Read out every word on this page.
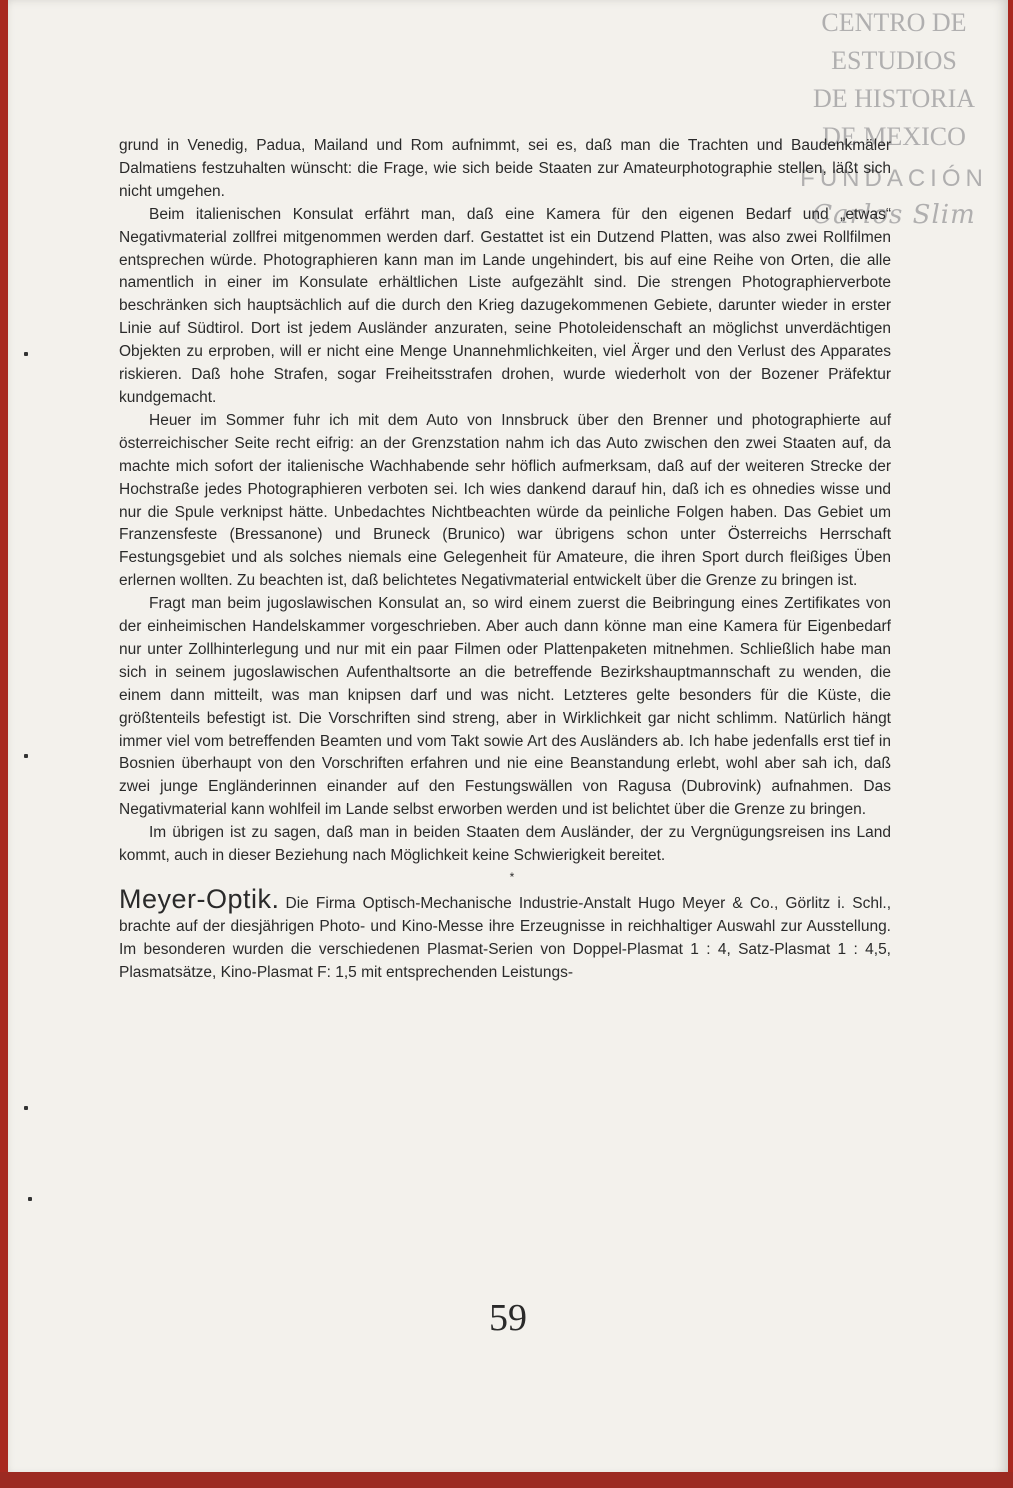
CENTRO DE
ESTUDIOS
DE HISTORIA
DE MEXICO
FUNDACIÓN
Carlos Slim

grund in Venedig, Padua, Mailand und Rom aufnimmt, sei es, daß man die Trachten und Baudenkmäler Dalmatiens festzuhalten wünscht: die Frage, wie sich beide Staaten zur Amateurphotographie stellen, läßt sich nicht umgehen.

Beim italienischen Konsulat erfährt man, daß eine Kamera für den eigenen Bedarf und „etwas“ Negativmaterial zollfrei mitgenommen werden darf. Gestattet ist ein Dutzend Platten, was also zwei Rollfilmen entsprechen würde. Photographieren kann man im Lande ungehindert, bis auf eine Reihe von Orten, die alle namentlich in einer im Konsulate erhältlichen Liste aufgezählt sind. Die strengen Photographierverbote beschränken sich hauptsächlich auf die durch den Krieg dazugekommenen Gebiete, darunter wieder in erster Linie auf Südtirol. Dort ist jedem Ausländer anzuraten, seine Photoleidenschaft an möglichst unverdächtigen Objekten zu erproben, will er nicht eine Menge Unannehmlichkeiten, viel Ärger und den Verlust des Apparates riskieren. Daß hohe Strafen, sogar Freiheitsstrafen drohen, wurde wiederholt von der Bozener Präfektur kundgemacht.

Heuer im Sommer fuhr ich mit dem Auto von Innsbruck über den Brenner und photographierte auf österreichischer Seite recht eifrig: an der Grenzstation nahm ich das Auto zwischen den zwei Staaten auf, da machte mich sofort der italienische Wachhabende sehr höflich aufmerksam, daß auf der weiteren Strecke der Hochstraße jedes Photographieren verboten sei. Ich wies dankend darauf hin, daß ich es ohnedies wisse und nur die Spule verknipst hätte. Unbedachtes Nichtbeachten würde da peinliche Folgen haben. Das Gebiet um Franzensfeste (Bressanone) und Bruneck (Brunico) war übrigens schon unter Österreichs Herrschaft Festungsgebiet und als solches niemals eine Gelegenheit für Amateure, die ihren Sport durch fleißiges Üben erlernen wollten. Zu beachten ist, daß belichtetes Negativmaterial entwickelt über die Grenze zu bringen ist.

Fragt man beim jugoslawischen Konsulat an, so wird einem zuerst die Beibringung eines Zertifikates von der einheimischen Handelskammer vorgeschrieben. Aber auch dann könne man eine Kamera für Eigenbedarf nur unter Zollhinterlegung und nur mit ein paar Filmen oder Plattenpaketen mitnehmen. Schließlich habe man sich in seinem jugoslawischen Aufenthaltsorte an die betreffende Bezirkshauptmannschaft zu wenden, die einem dann mitteilt, was man knipsen darf und was nicht. Letzteres gelte besonders für die Küste, die größtenteils befestigt ist. Die Vorschriften sind streng, aber in Wirklichkeit gar nicht schlimm. Natürlich hängt immer viel vom betreffenden Beamten und vom Takt sowie Art des Ausländers ab. Ich habe jedenfalls erst tief in Bosnien überhaupt von den Vorschriften erfahren und nie eine Beanstandung erlebt, wohl aber sah ich, daß zwei junge Engländerinnen einander auf den Festungswällen von Ragusa (Dubrovink) aufnahmen. Das Negativmaterial kann wohlfeil im Lande selbst erworben werden und ist belichtet über die Grenze zu bringen.

Im übrigen ist zu sagen, daß man in beiden Staaten dem Ausländer, der zu Vergnügungsreisen ins Land kommt, auch in dieser Beziehung nach Möglichkeit keine Schwierigkeit bereitet.

*

Meyer-Optik. Die Firma Optisch-Mechanische Industrie-Anstalt Hugo Meyer & Co., Görlitz i. Schl., brachte auf der diesjährigen Photo- und Kino-Messe ihre Erzeugnisse in reichhaltiger Auswahl zur Ausstellung. Im besonderen wurden die verschiedenen Plasmat-Serien von Doppel-Plasmat 1 : 4, Satz-Plasmat 1 : 4,5, Plasmatsätze, Kino-Plasmat F: 1,5 mit entsprechenden Leistungs-

59
